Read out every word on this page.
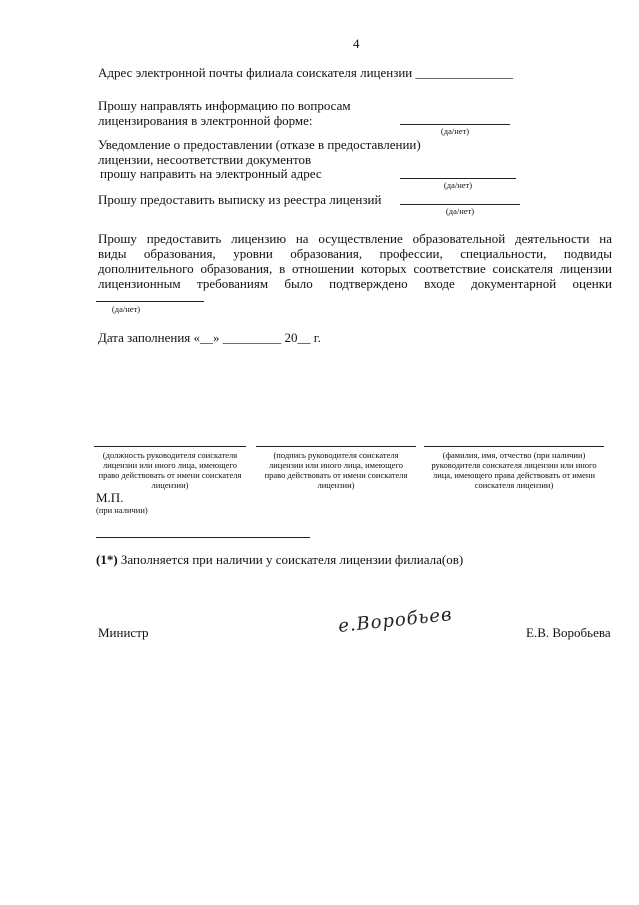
4
Адрес электронной почты филиала соискателя лицензии _______________
Прошу направлять информацию по вопросам
лицензирования в электронной форме:
(да/нет)
Уведомление о предоставлении (отказе в предоставлении)
лицензии, несоответствии документов
прошу направить на электронный адрес
(да/нет)
Прошу предоставить выписку из реестра лицензий
(да/нет)
Прошу предоставить лицензию на осуществление образовательной деятельности на
виды образования, уровни образования, профессии, специальности, подвиды
дополнительного образования, в отношении которых соответствие соискателя лицензии
лицензионным требованиям было подтверждено входе документарной оценки
(да/нет)
Дата заполнения «__» _________ 20__ г.
(должность руководителя соискателя лицензии или иного лица, имеющего право действовать от имени соискателя лицензии)
(подпись руководителя соискателя лицензии или иного лица, имеющего право действовать от имени соискателя лицензии)
(фамилия, имя, отчество (при наличии) руководителя соискателя лицензии или иного лица, имеющего права действовать от имени соискателя лицензии)
М.П.
(при наличии)
(1*) Заполняется при наличии у соискателя лицензии филиала(ов)
Министр	е.Воробьев	Е.В. Воробьева
